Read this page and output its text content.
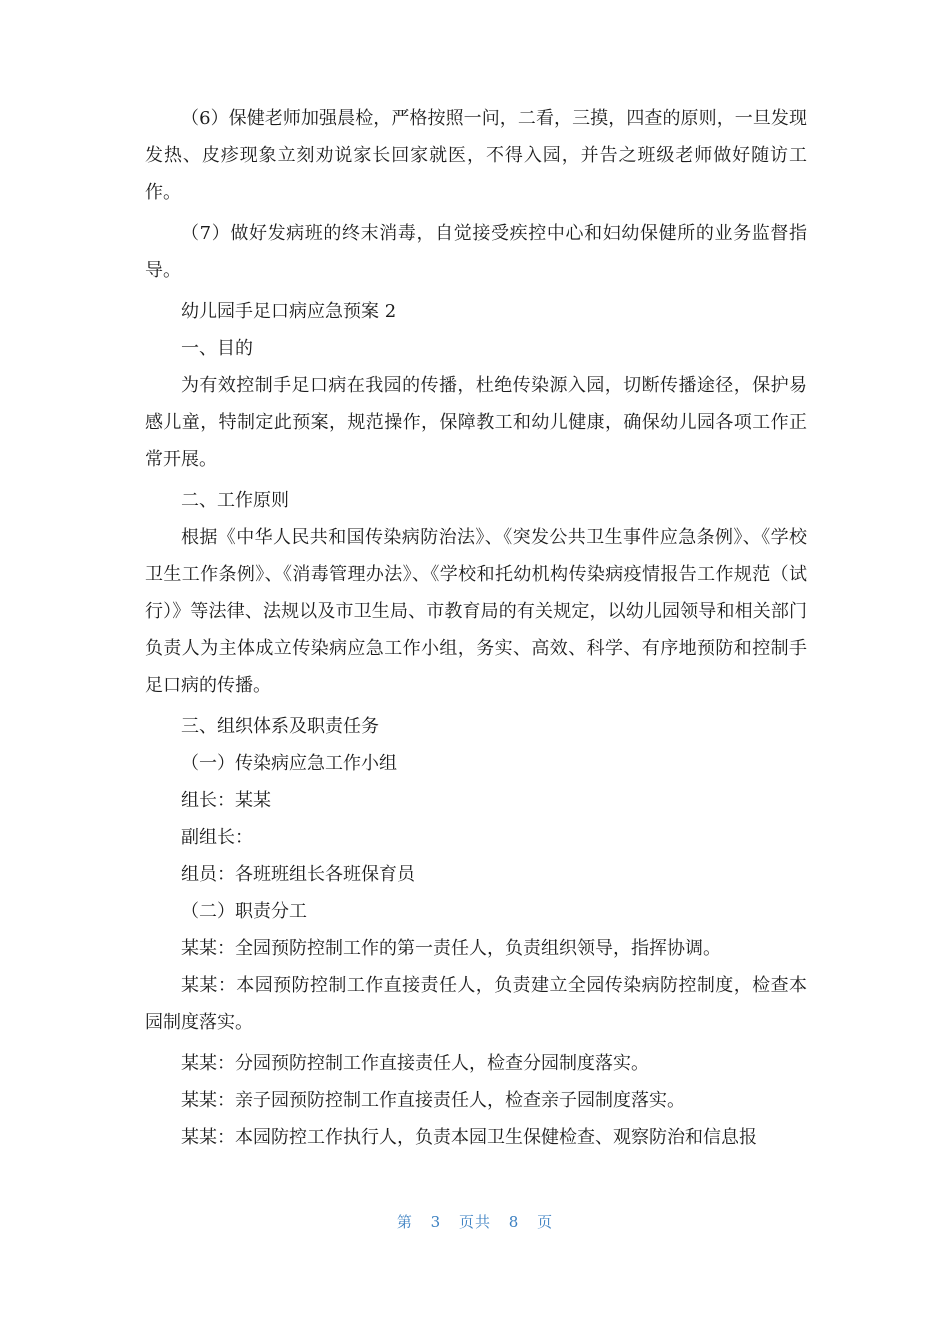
（6）保健老师加强晨检，严格按照一问，二看，三摸，四查的原则，一旦发现发热、皮疹现象立刻劝说家长回家就医，不得入园，并告之班级老师做好随访工作。

（7）做好发病班的终末消毒，自觉接受疾控中心和妇幼保健所的业务监督指导。

幼儿园手足口病应急预案 2

一、目的

为有效控制手足口病在我园的传播，杜绝传染源入园，切断传播途径，保护易感儿童，特制定此预案，规范操作，保障教工和幼儿健康，确保幼儿园各项工作正常开展。

二、工作原则

根据《中华人民共和国传染病防治法》、《突发公共卫生事件应急条例》、《学校卫生工作条例》、《消毒管理办法》、《学校和托幼机构传染病疫情报告工作规范（试行）》等法律、法规以及市卫生局、市教育局的有关规定，以幼儿园领导和相关部门负责人为主体成立传染病应急工作小组，务实、高效、科学、有序地预防和控制手足口病的传播。

三、组织体系及职责任务

（一）传染病应急工作小组

组长：某某

副组长：

组员：各班班组长各班保育员

（二）职责分工

某某：全园预防控制工作的第一责任人，负责组织领导，指挥协调。

某某：本园预防控制工作直接责任人，负责建立全园传染病防控制度，检查本园制度落实。

某某：分园预防控制工作直接责任人，检查分园制度落实。

某某：亲子园预防控制工作直接责任人，检查亲子园制度落实。

某某：本园防控工作执行人，负责本园卫生保健检查、观察防治和信息报

第 3 页共 8 页
